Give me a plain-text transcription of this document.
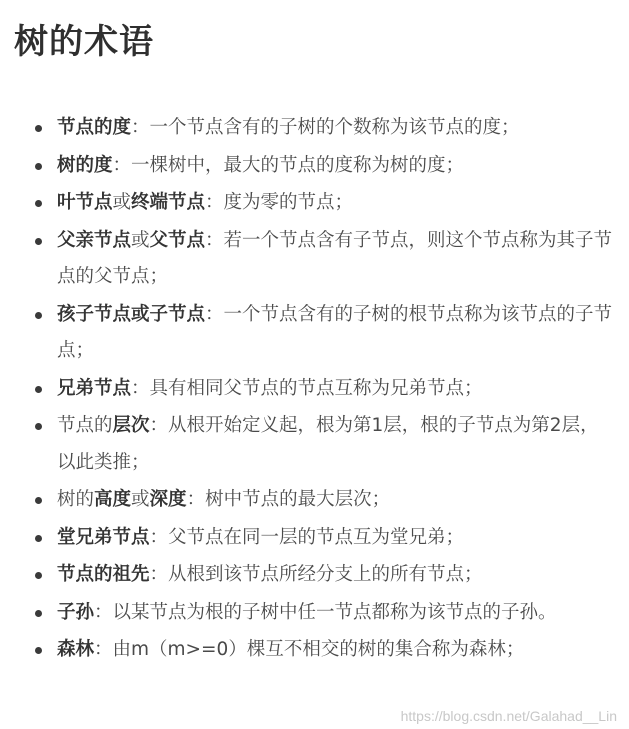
树的术语
节点的度：一个节点含有的子树的个数称为该节点的度；
树的度：一棵树中，最大的节点的度称为树的度；
叶节点或终端节点：度为零的节点；
父亲节点或父节点：若一个节点含有子节点，则这个节点称为其子节点的父节点；
孩子节点或子节点：一个节点含有的子树的根节点称为该节点的子节点；
兄弟节点：具有相同父节点的节点互称为兄弟节点；
节点的层次：从根开始定义起，根为第1层，根的子节点为第2层，以此类推；
树的高度或深度：树中节点的最大层次；
堂兄弟节点：父节点在同一层的节点互为堂兄弟；
节点的祖先：从根到该节点所经分支上的所有节点；
子孙：以某节点为根的子树中任一节点都称为该节点的子孙。
森林：由m（m>=0）棵互不相交的树的集合称为森林；
https://blog.csdn.net/Galahad__Lin
